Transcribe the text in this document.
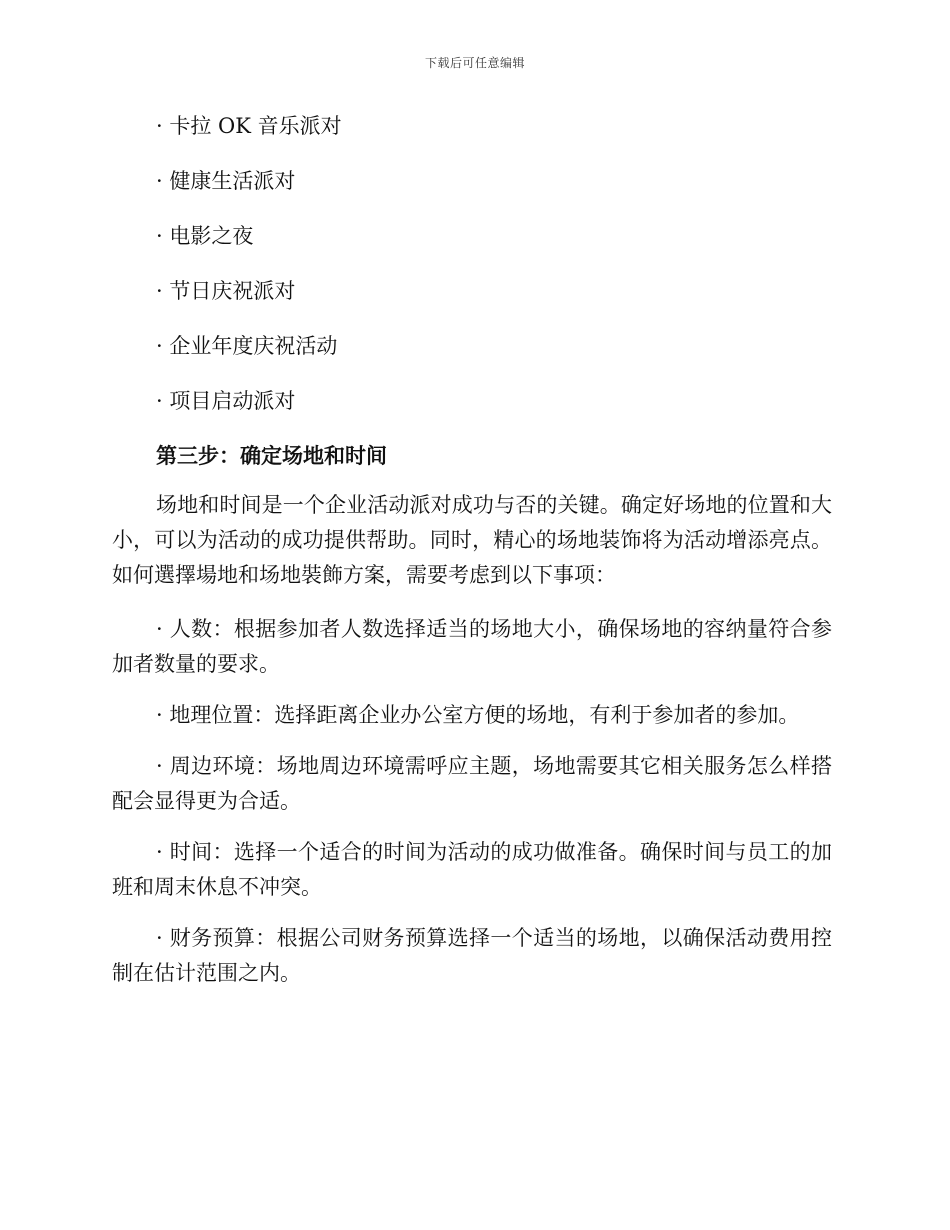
下载后可任意编辑
· 卡拉 OK 音乐派对
· 健康生活派对
· 电影之夜
· 节日庆祝派对
· 企业年度庆祝活动
· 项目启动派对
第三步：确定场地和时间

场地和时间是一个企业活动派对成功与否的关键。确定好场地的位置和大小，可以为活动的成功提供帮助。同时，精心的场地装饰将为活动增添亮点。如何選擇場地和场地裝飾方案，需要考虑到以下事项：

· 人数：根据参加者人数选择适当的场地大小，确保场地的容纳量符合参加者数量的要求。

· 地理位置：选择距离企业办公室方便的场地，有利于参加者的参加。

· 周边环境：场地周边环境需呼应主题，场地需要其它相关服务怎么样搭配会显得更为合适。

· 时间：选择一个适合的时间为活动的成功做准备。确保时间与员工的加班和周末休息不冲突。

· 财务预算：根据公司财务预算选择一个适当的场地，以确保活动费用控制在估计范围之内。
